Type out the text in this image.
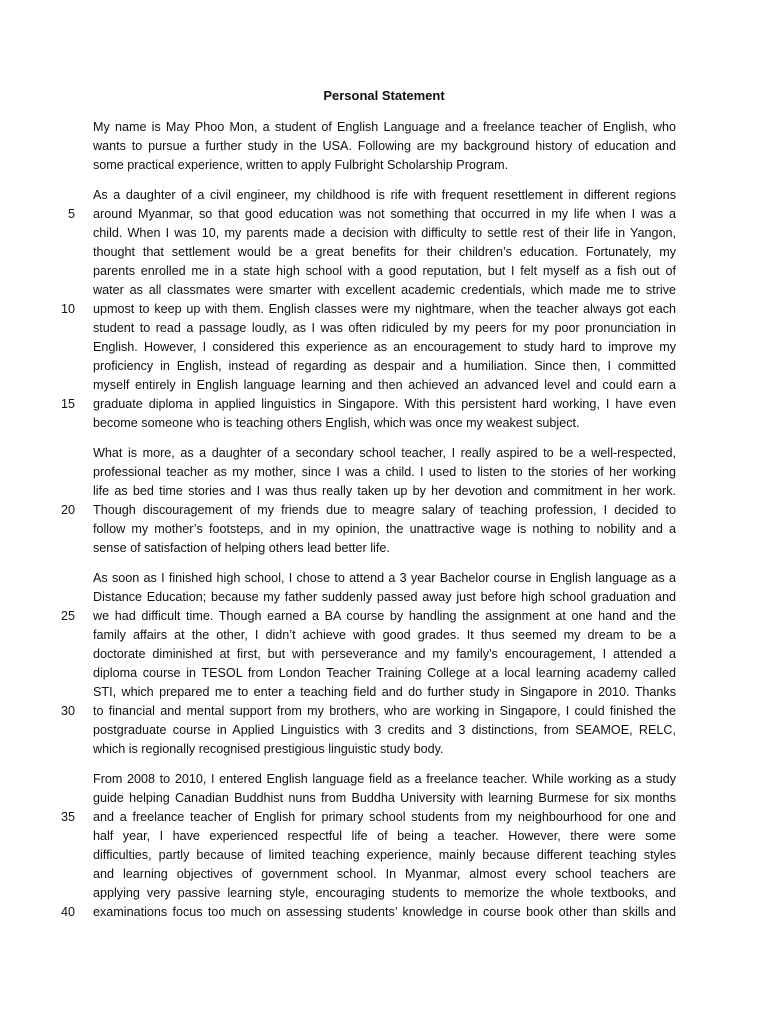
Personal Statement
My name is May Phoo Mon, a student of English Language and a freelance teacher of English, who
wants to pursue a further study in the USA. Following are my background history of education and
some practical experience, written to apply Fulbright Scholarship Program.
As a daughter of a civil engineer, my childhood is rife with frequent resettlement in different regions
around Myanmar, so that good education was not something that occurred in my life when I was a
child. When I was 10, my parents made a decision with difficulty to settle rest of their life in Yangon,
thought that settlement would be a great benefits for their children’s education. Fortunately, my
parents enrolled me in a state high school with a good reputation, but I felt myself as a fish out of
water as all classmates were smarter with excellent academic credentials, which made me to strive
upmost to keep up with them. English classes were my nightmare, when the teacher always got each
student to read a passage loudly, as I was often ridiculed by my peers for my poor pronunciation in
English. However, I considered this experience as an encouragement to study hard to improve my
proficiency in English, instead of regarding as despair and a humiliation. Since then, I committed
myself entirely in English language learning and then achieved an advanced level and could earn a
graduate diploma in applied linguistics in Singapore. With this persistent hard working, I have even
become someone who is teaching others English, which was once my weakest subject.
What is more, as a daughter of a secondary school teacher, I really aspired to be a well-respected,
professional teacher as my mother, since I was a child. I used to listen to the stories of her working
life as bed time stories and I was thus really taken up by her devotion and commitment in her work.
Though discouragement of my friends due to meagre salary of teaching profession, I decided to
follow my mother’s footsteps, and in my opinion, the unattractive wage is nothing to nobility and a
sense of satisfaction of helping others lead better life.
As soon as I finished high school, I chose to attend a 3 year Bachelor course in English language as a
Distance Education; because my father suddenly passed away just before high school graduation and
we had difficult time. Though earned a BA course by handling the assignment at one hand and the
family affairs at the other, I didn’t achieve with good grades. It thus seemed my dream to be a
doctorate diminished at first, but with perseverance and my family’s encouragement, I attended a
diploma course in TESOL from London Teacher Training College at a local learning academy called
STI, which prepared me to enter a teaching field and do further study in Singapore in 2010. Thanks
to financial and mental support from my brothers, who are working in Singapore, I could finished the
postgraduate course in Applied Linguistics with 3 credits and 3 distinctions, from SEAMOE, RELC,
which is regionally recognised prestigious linguistic study body.
From 2008 to 2010, I entered English language field as a freelance teacher. While working as a study
guide helping Canadian Buddhist nuns from Buddha University with learning Burmese for six months
and a freelance teacher of English for primary school students from my neighbourhood for one and
half year, I have experienced respectful life of being a teacher. However, there were some
difficulties, partly because of limited teaching experience, mainly because different teaching styles
and learning objectives of government school. In Myanmar, almost every school teachers are
applying very passive learning style, encouraging students to memorize the whole textbooks, and
examinations focus too much on assessing students’ knowledge in course book other than skills and
5
10
15
20
25
30
35
40
